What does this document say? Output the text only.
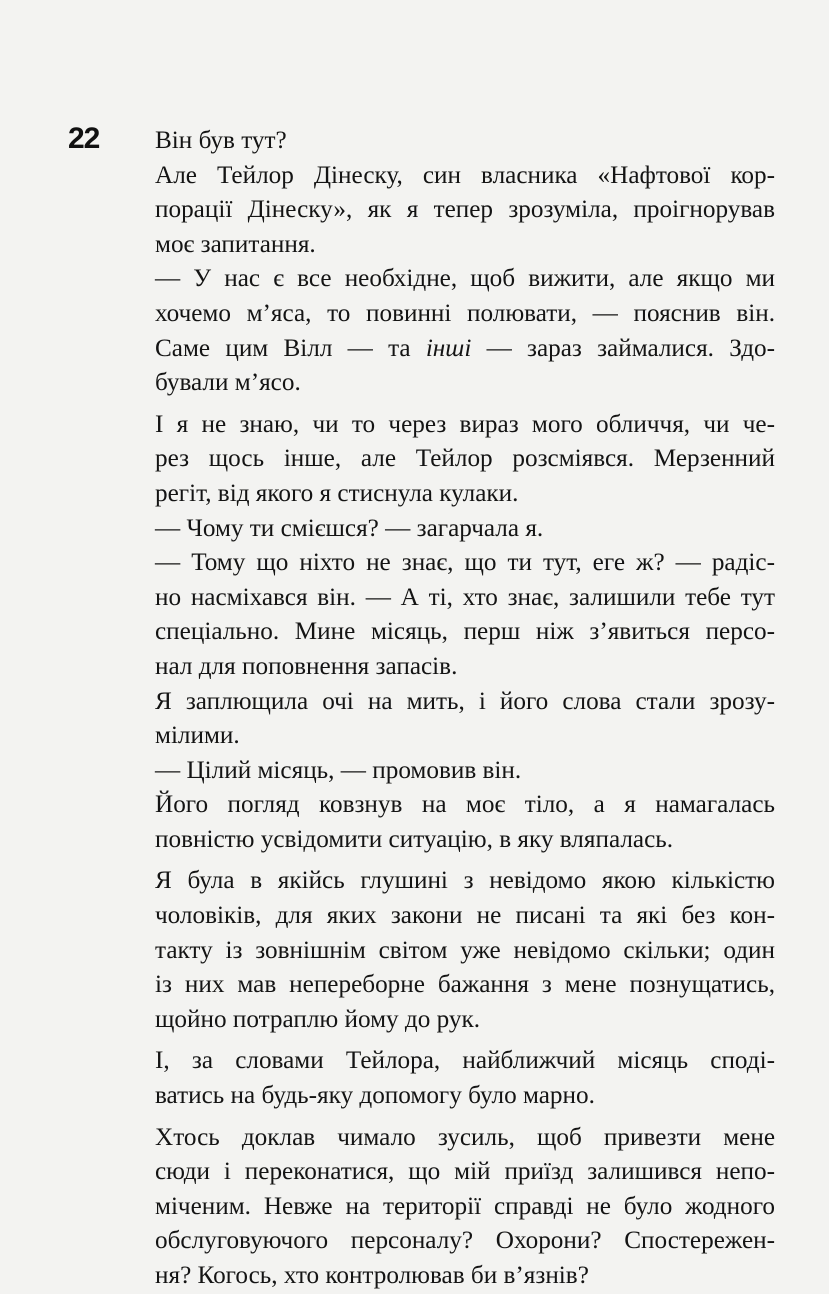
22 Він був тут?
Але Тейлор Дінеску, син власника «Нафтової кор-
порації Дінеску», як я тепер зрозуміла, проігнорував
моє запитання.
— У нас є все необхідне, щоб вижити, але якщо ми
хочемо м’яса, то повинні полювати, — пояснив він.
Саме цим Вілл — та інші — зараз займалися. Здо-
бували м’ясо.
І я не знаю, чи то через вираз мого обличчя, чи че-
рез щось інше, але Тейлор розсміявся. Мерзенний
регіт, від якого я стиснула кулаки.
— Чому ти смієшся? — загарчала я.
— Тому що ніхто не знає, що ти тут, еге ж? — радіс-
но насміхався він. — А ті, хто знає, залишили тебе тут
спеціально. Мине місяць, перш ніж з’явиться персо-
нал для поповнення запасів.
Я заплющила очі на мить, і його слова стали зрозу-
мілими.
— Цілий місяць, — промовив він.
Його погляд ковзнув на моє тіло, а я намагалась
повністю усвідомити ситуацію, в яку вляпалась.
Я була в якійсь глушині з невідомо якою кількістю
чоловіків, для яких закони не писані та які без кон-
такту із зовнішнім світом уже невідомо скільки; один
із них мав непереборне бажання з мене познущатись,
щойно потраплю йому до рук.
І, за словами Тейлора, найближчий місяць споді-
ватись на будь-яку допомогу було марно.
Хтось доклав чимало зусиль, щоб привезти мене
сюди і переконатися, що мій приїзд залишився непо-
міченим. Невже на території справді не було жодного
обслуговуючого персоналу? Охорони? Спостережен-
ня? Когось, хто контролював би в’язнів?
